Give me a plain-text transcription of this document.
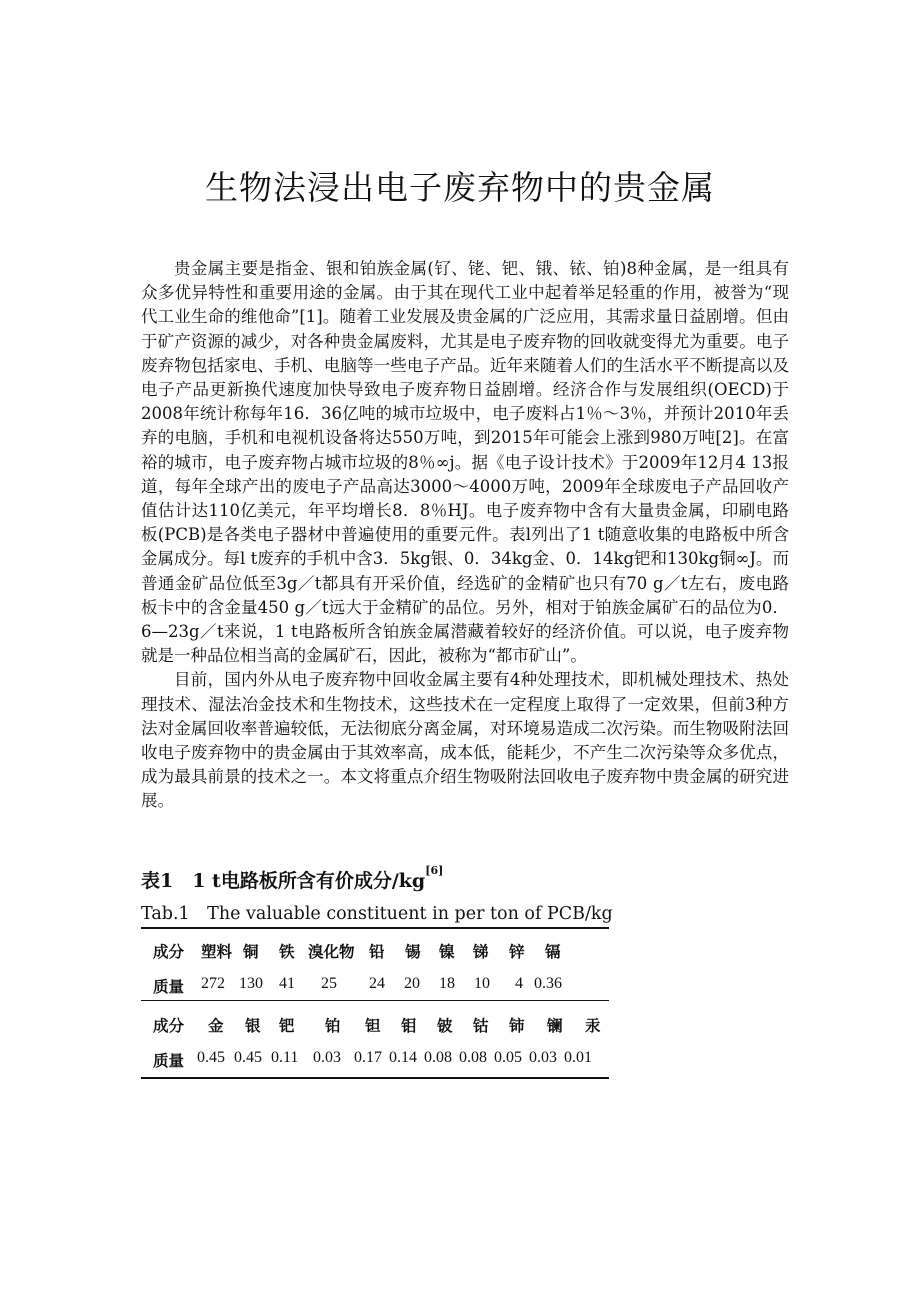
生物法浸出电子废弃物中的贵金属

贵金属主要是指金、银和铂族金属(钌、铑、钯、锇、铱、铂)8种金属，是一组具有众多优异特性和重要用途的金属。由于其在现代工业中起着举足轻重的作用，被誉为“现代工业生命的维他命”[1]。随着工业发展及贵金属的广泛应用，其需求量日益剧增。但由于矿产资源的减少，对各种贵金属废料，尤其是电子废弃物的回收就变得尤为重要。电子废弃物包括家电、手机、电脑等一些电子产品。近年来随着人们的生活水平不断提高以及电子产品更新换代速度加快导致电子废弃物日益剧增。经济合作与发展组织(OECD)于2008年统计称每年16．36亿吨的城市垃圾中，电子废料占1％～3％，并预计2010年丢弃的电脑，手机和电视机设备将达550万吨，到2015年可能会上涨到980万吨[2]。在富裕的城市，电子废弃物占城市垃圾的8％∞j。据《电子设计技术》于2009年12月4 13报道，每年全球产出的废电子产品高达3000～4000万吨，2009年全球废电子产品回收产值估计达110亿美元，年平均增长8．8％HJ。电子废弃物中含有大量贵金属，印刷电路板(PCB)是各类电子器材中普遍使用的重要元件。表l列出了1 t随意收集的电路板中所含金属成分。每l t废弃的手机中含3．5kg银、0．34kg金、0．14kg钯和130kg铜∞J。而普通金矿品位低至3g／t都具有开采价值，经选矿的金精矿也只有70 g／t左右，废电路板卡中的含金量450 g／t远大于金精矿的品位。另外，相对于铂族金属矿石的品位为0．6—23g／t来说，1 t电路板所含铂族金属潜藏着较好的经济价值。可以说，电子废弃物就是一种品位相当高的金属矿石，因此，被称为“都市矿山”。

目前，国内外从电子废弃物中回收金属主要有4种处理技术，即机械处理技术、热处理技术、湿法冶金技术和生物技术，这些技术在一定程度上取得了一定效果，但前3种方法对金属回收率普遍较低，无法彻底分离金属，对环境易造成二次污染。而生物吸附法回收电子废弃物中的贵金属由于其效率高，成本低，能耗少，不产生二次污染等众多优点，成为最具前景的技术之一。本文将重点介绍生物吸附法回收电子废弃物中贵金属的研究进展。

表1　1 t电路板所含有价成分/kg[6]
Tab.1　The valuable constituent in per ton of PCB/kg
成分 塑料 铜 铁 溴化物 铅 锡 镍 锑 锌 镉
质量 272 130 41 25 24 20 18 10 4 0.36
成分 金 银 钯 铂 钽 钼 铍 钴 铈 镧 汞
质量 0.45 0.45 0.11 0.03 0.17 0.14 0.08 0.08 0.05 0.03 0.01
